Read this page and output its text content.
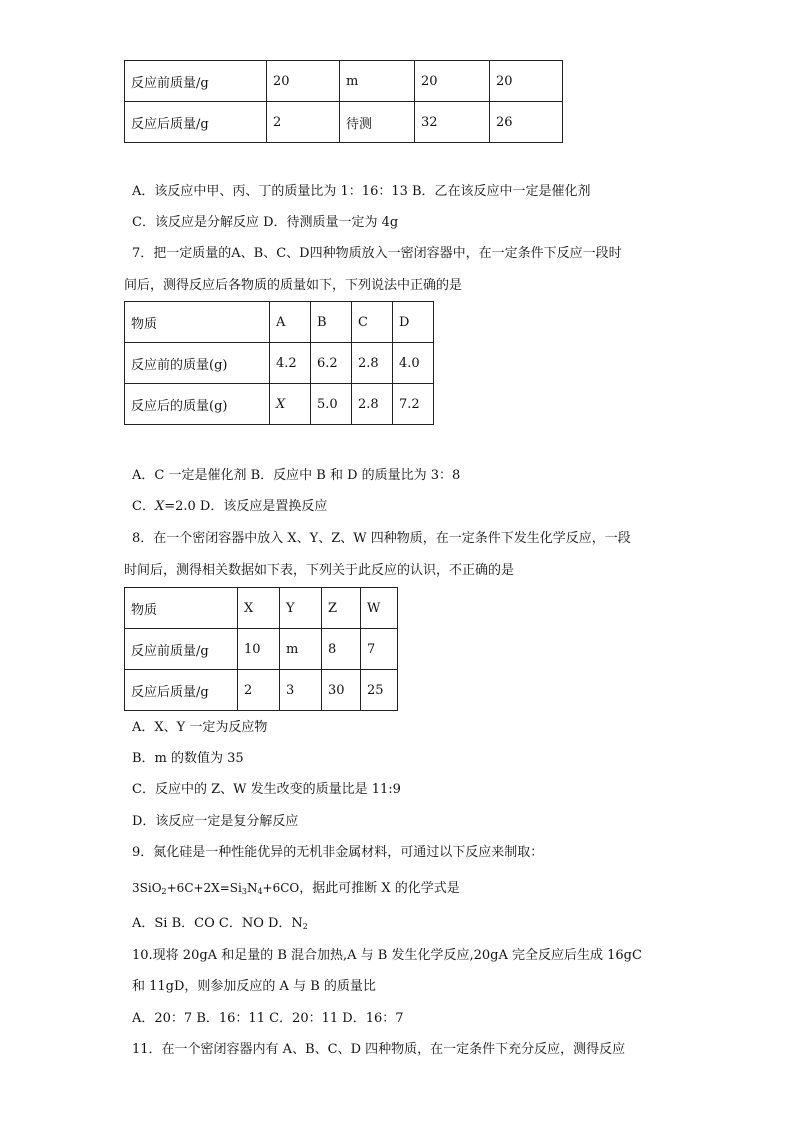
反应前质量/g	20	m	20	20
反应后质量/g	2	待测	32	26
A．该反应中甲、丙、丁的质量比为 1：16：13 B．乙在该反应中一定是催化剂
C．该反应是分解反应 D．待测质量一定为 4g
7．把一定质量的A、B、C、D四种物质放入一密闭容器中，在一定条件下反应一段时
间后，测得反应后各物质的质量如下，下列说法中正确的是
物质	A	B	C	D
反应前的质量(g)	4.2	6.2	2.8	4.0
反应后的质量(g)	X	5.0	2.8	7.2
A．C 一定是催化剂 B．反应中 B 和 D 的质量比为 3：8
C．X=2.0 D．该反应是置换反应
8．在一个密闭容器中放入 X、Y、Z、W 四种物质，在一定条件下发生化学反应，一段
时间后，测得相关数据如下表，下列关于此反应的认识，不正确的是
物质	X	Y	Z	W
反应前质量/g	10	m	8	7
反应后质量/g	2	3	30	25
A．X、Y 一定为反应物
B．m 的数值为 35
C．反应中的 Z、W 发生改变的质量比是 11:9
D．该反应一定是复分解反应
9．氮化硅是一种性能优异的无机非金属材料，可通过以下反应来制取：
$3SiO_2+6C+2X=Si_3N_4+6CO$，据此可推断 X 的化学式是
A．Si B．CO C．NO D．$N_2$
10.现将 20gA 和足量的 B 混合加热,A 与 B 发生化学反应,20gA 完全反应后生成 16gC
和 11gD，则参加反应的 A 与 B 的质量比
A．20：7 B．16：11 C．20：11 D．16：7
11．在一个密闭容器内有 A、B、C、D 四种物质，在一定条件下充分反应，测得反应
